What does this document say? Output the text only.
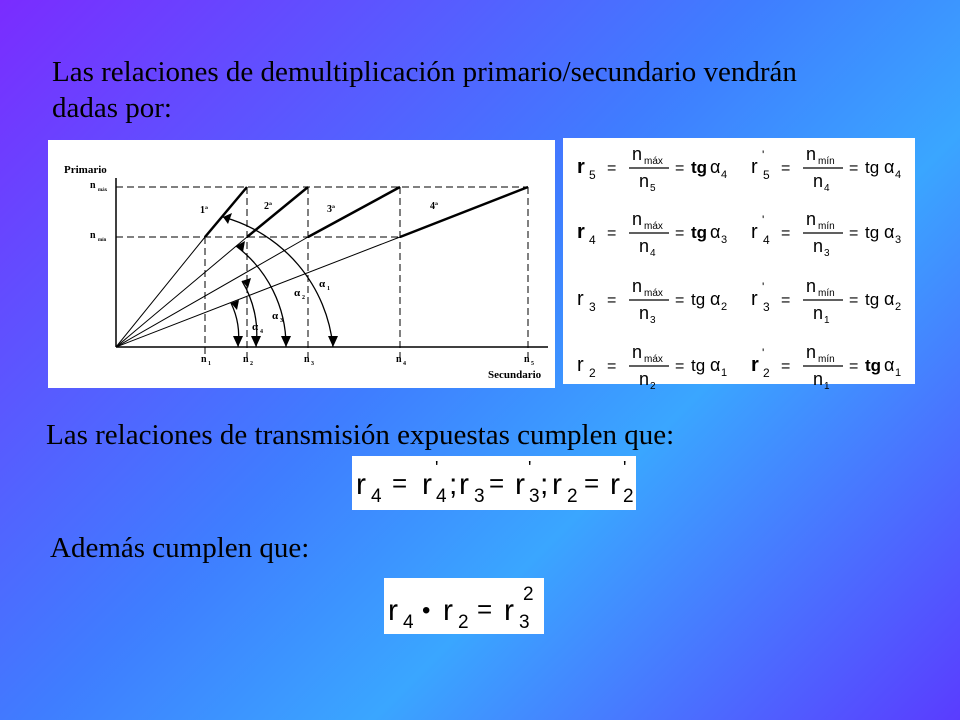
Las relaciones de demultiplicación primario/secundario vendrán
dadas por:
Primario
Secundario
n máx
n mín
n 1	n 2	n 3	n 4	n 5
1ª	2ª	3ª	4ª
α 1
α 2
α 3
α 4
r 5 =
n máx
n 5
= tg α 4
r 4 =
n máx
n 4
= tg α 3
r 3 =
n máx
n 3
= tg α 2
r 2 =
n máx
n 2
= tg α 1
r 5
'
=
n mín
n 4
= tg α 4
r 4
'
=
n mín
n 3
= tg α 3
r 3
'
=
n mín
n 1
= tg α 2
r 2
'
=
n mín
n 1
= tg α 1
Las relaciones de transmisión expuestas cumplen que:
r 4 = r '
4 ; r 3 = r '
3 ; r 2 = r '
2
Además cumplen que:
r 4 • r 2 = r 3
2
